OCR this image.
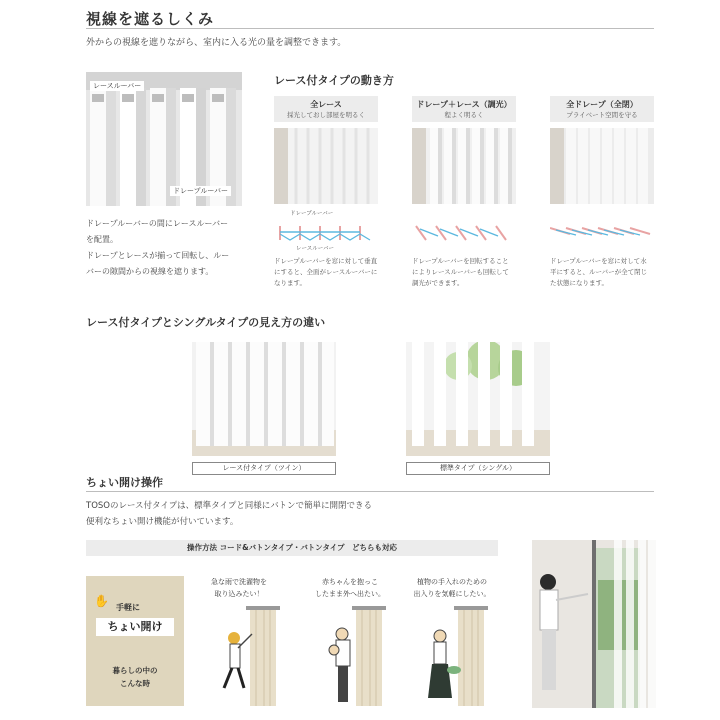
視線を遮るしくみ
外からの視線を遮りながら、室内に入る光の量を調整できます。
レースルーバー
ドレープルーバー
ドレープルーバーの間にレースルーバー
を配置。
ドレープとレースが揃って回転し、ルー
バーの隙間からの視線を遮ります。
レース付タイプの動き方
全レース
採光しておし部屋を明るく
ドレープ＋レース（調光）
程よく明るく
全ドレープ（全閉）
プライベート空間を守る
ドレープルーバー
レースルーバー
ドレープルーバーを窓に対して垂直
にすると、全面がレースルーバーに
なります。
ドレープルーバーを回転すること
によりレースルーバーも回転して
調光ができます。
ドレープルーバーを窓に対して水
平にすると、ルーバーが全て閉じ
た状態になります。
レース付タイプとシングルタイプの見え方の違い
レース付タイプ（ツイン）	標準タイプ（シングル）
ちょい開け操作
TOSOのレース付タイプは、標準タイプと同様にバトンで簡単に開閉できる
便利なちょい開け機能が付いています。
操作方法 コード&バトンタイプ・バトンタイプ　どちらも対応
✋ 手軽に
ちょい開け
暮らしの中の
こんな時
急な雨で洗濯物を
取り込みたい！
赤ちゃんを抱っこ
したまま外へ出たい。
植物の手入れのための
出入りを気軽にしたい。
